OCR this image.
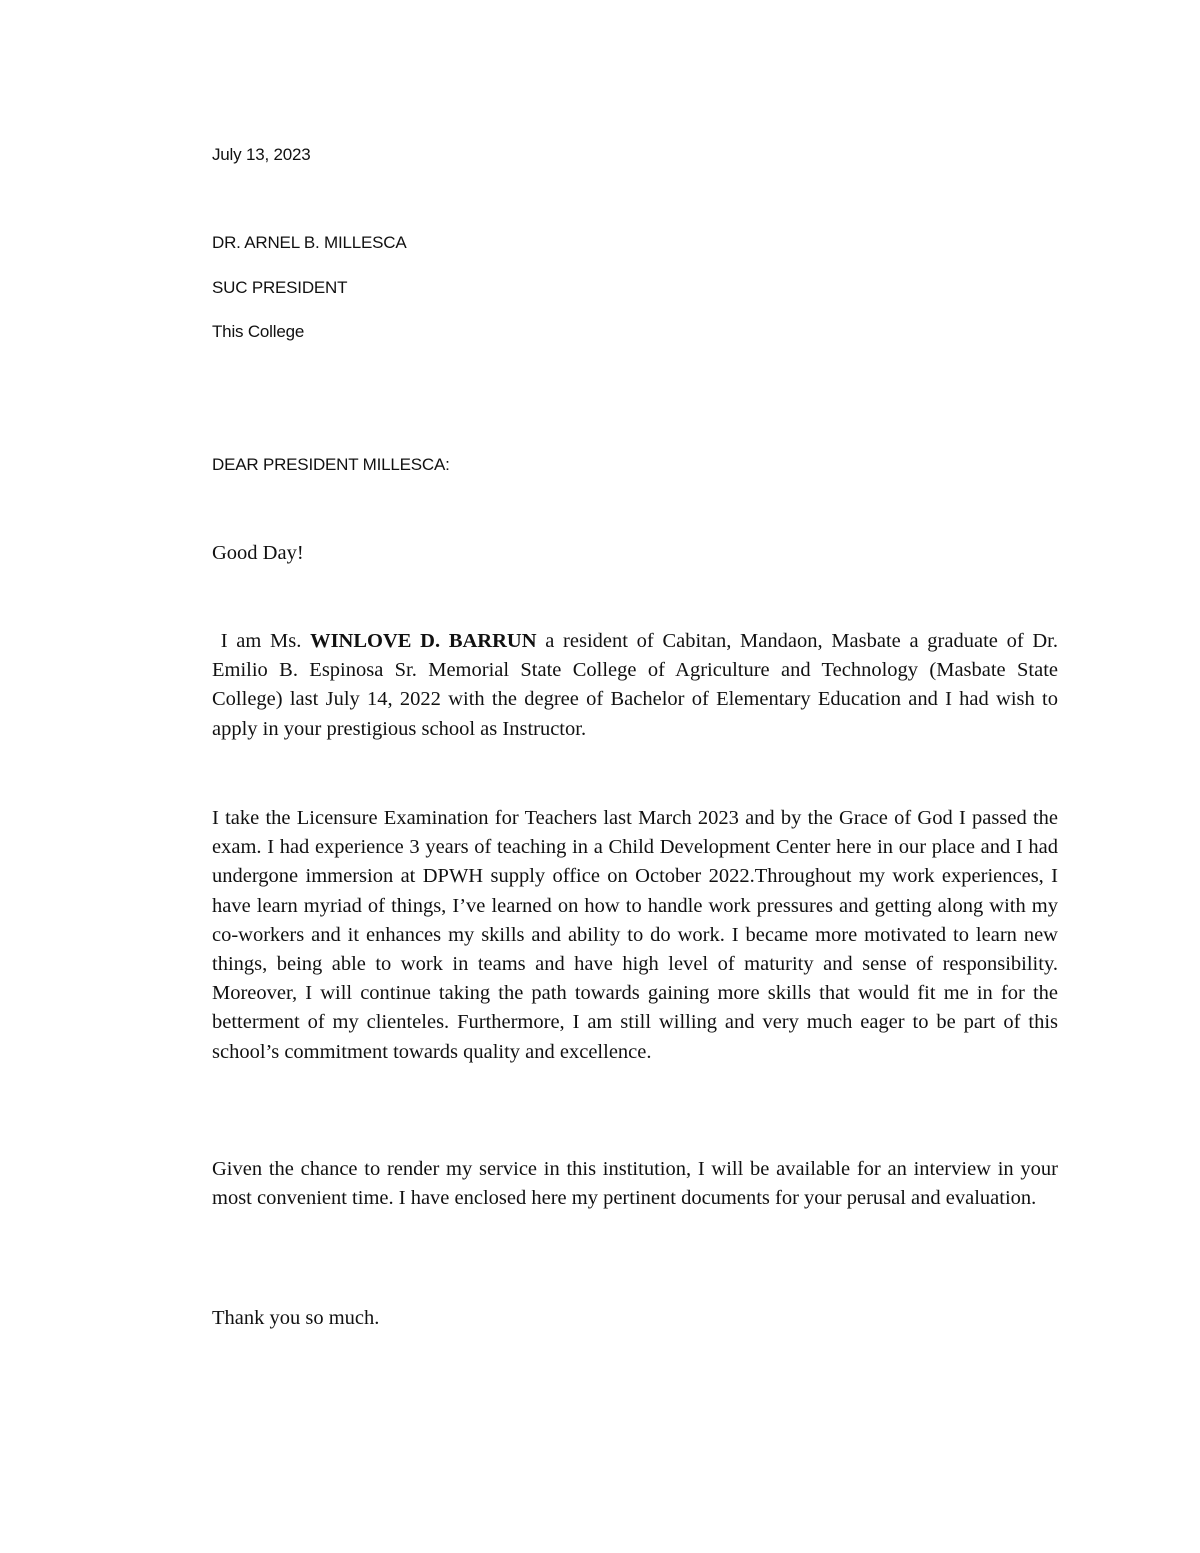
July 13, 2023

DR. ARNEL B. MILLESCA

SUC PRESIDENT

This College

DEAR PRESIDENT MILLESCA:

Good Day!

I am Ms. WINLOVE D. BARRUN a resident of Cabitan, Mandaon, Masbate a graduate of Dr. Emilio B. Espinosa Sr. Memorial State College of Agriculture and Technology (Masbate State College) last July 14, 2022 with the degree of Bachelor of Elementary Education and I had wish to apply in your prestigious school as Instructor.

I take the Licensure Examination for Teachers last March 2023 and by the Grace of God I passed the exam. I had experience 3 years of teaching in a Child Development Center here in our place and I had undergone immersion at DPWH supply office on October 2022.Throughout my work experiences, I have learn myriad of things, I’ve learned on how to handle work pressures and getting along with my co-workers and it enhances my skills and ability to do work. I became more motivated to learn new things, being able to work in teams and have high level of maturity and sense of responsibility. Moreover, I will continue taking the path towards gaining more skills that would fit me in for the betterment of my clienteles. Furthermore, I am still willing and very much eager to be part of this school’s commitment towards quality and excellence.

Given the chance to render my service in this institution, I will be available for an interview in your most convenient time. I have enclosed here my pertinent documents for your perusal and evaluation.

Thank you so much.
